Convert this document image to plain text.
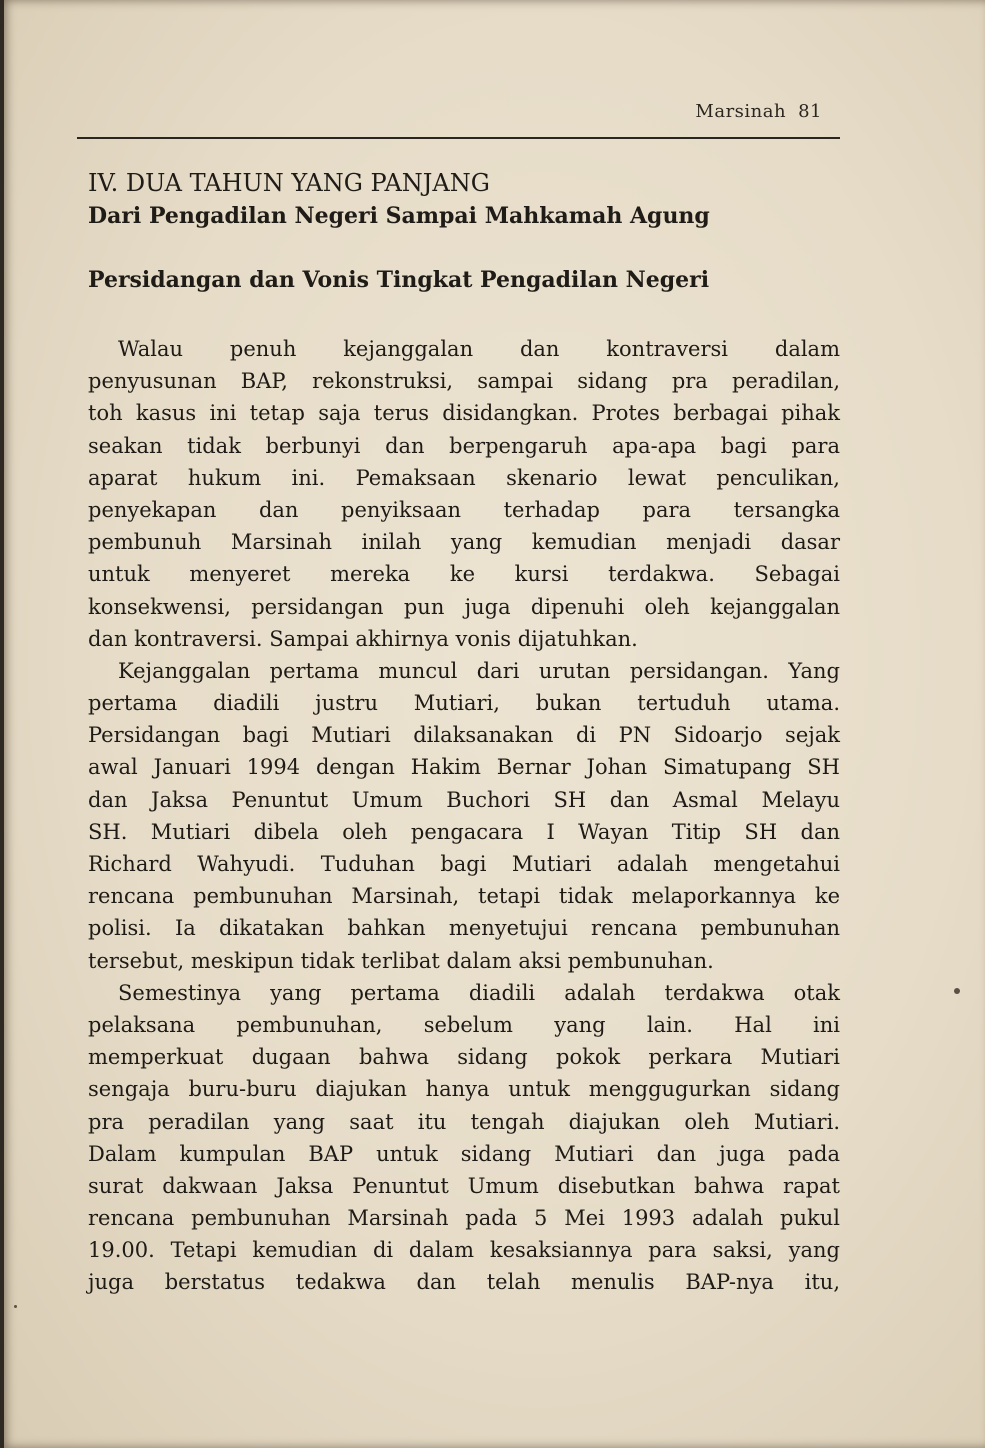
Marsinah 81
IV. DUA TAHUN YANG PANJANG
Dari Pengadilan Negeri Sampai Mahkamah Agung
Persidangan dan Vonis Tingkat Pengadilan Negeri
Walau penuh kejanggalan dan kontraversi dalam
penyusunan BAP, rekonstruksi, sampai sidang pra peradilan,
toh kasus ini tetap saja terus disidangkan. Protes berbagai pihak
seakan tidak berbunyi dan berpengaruh apa-apa bagi para
aparat hukum ini. Pemaksaan skenario lewat penculikan,
penyekapan dan penyiksaan terhadap para tersangka
pembunuh Marsinah inilah yang kemudian menjadi dasar
untuk menyeret mereka ke kursi terdakwa. Sebagai
konsekwensi, persidangan pun juga dipenuhi oleh kejanggalan
dan kontraversi. Sampai akhirnya vonis dijatuhkan.
Kejanggalan pertama muncul dari urutan persidangan. Yang
pertama diadili justru Mutiari, bukan tertuduh utama.
Persidangan bagi Mutiari dilaksanakan di PN Sidoarjo sejak
awal Januari 1994 dengan Hakim Bernar Johan Simatupang SH
dan Jaksa Penuntut Umum Buchori SH dan Asmal Melayu
SH. Mutiari dibela oleh pengacara I Wayan Titip SH dan
Richard Wahyudi. Tuduhan bagi Mutiari adalah mengetahui
rencana pembunuhan Marsinah, tetapi tidak melaporkannya ke
polisi. Ia dikatakan bahkan menyetujui rencana pembunuhan
tersebut, meskipun tidak terlibat dalam aksi pembunuhan.
Semestinya yang pertama diadili adalah terdakwa otak
pelaksana pembunuhan, sebelum yang lain. Hal ini
memperkuat dugaan bahwa sidang pokok perkara Mutiari
sengaja buru-buru diajukan hanya untuk menggugurkan sidang
pra peradilan yang saat itu tengah diajukan oleh Mutiari.
Dalam kumpulan BAP untuk sidang Mutiari dan juga pada
surat dakwaan Jaksa Penuntut Umum disebutkan bahwa rapat
rencana pembunuhan Marsinah pada 5 Mei 1993 adalah pukul
19.00. Tetapi kemudian di dalam kesaksiannya para saksi, yang
juga berstatus tedakwa dan telah menulis BAP-nya itu,
